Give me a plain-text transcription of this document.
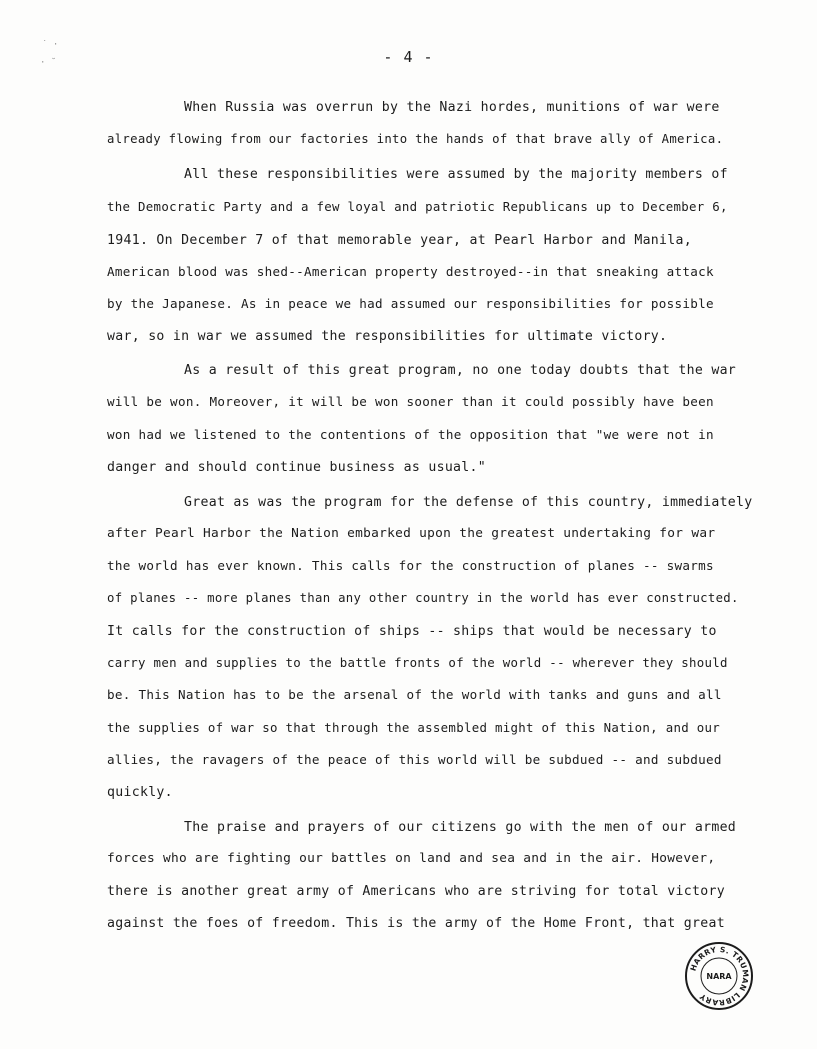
˙ ·
· ˘	- 4 -
When Russia was overrun by the Nazi hordes, munitions of war were
already flowing from our factories into the hands of that brave ally of America.
All these responsibilities were assumed by the majority members of
the Democratic Party and a few loyal and patriotic Republicans up to December 6,
1941. On December 7 of that memorable year, at Pearl Harbor and Manila,
American blood was shed--American property destroyed--in that sneaking attack
by the Japanese. As in peace we had assumed our responsibilities for possible
war, so in war we assumed the responsibilities for ultimate victory.
As a result of this great program, no one today doubts that the war
will be won. Moreover, it will be won sooner than it could possibly have been
won had we listened to the contentions of the opposition that "we were not in
danger and should continue business as usual."
Great as was the program for the defense of this country, immediately
after Pearl Harbor the Nation embarked upon the greatest undertaking for war
the world has ever known. This calls for the construction of planes -- swarms
of planes -- more planes than any other country in the world has ever constructed.
It calls for the construction of ships -- ships that would be necessary to
carry men and supplies to the battle fronts of the world -- wherever they should
be. This Nation has to be the arsenal of the world with tanks and guns and all
the supplies of war so that through the assembled might of this Nation, and our
allies, the ravagers of the peace of this world will be subdued -- and subdued
quickly.
The praise and prayers of our citizens go with the men of our armed
forces who are fighting our battles on land and sea and in the air. However,
there is another great army of Americans who are striving for total victory
against the foes of freedom. This is the army of the Home Front, that great
HARRY S. TRUMAN LIBRARY
NARA
